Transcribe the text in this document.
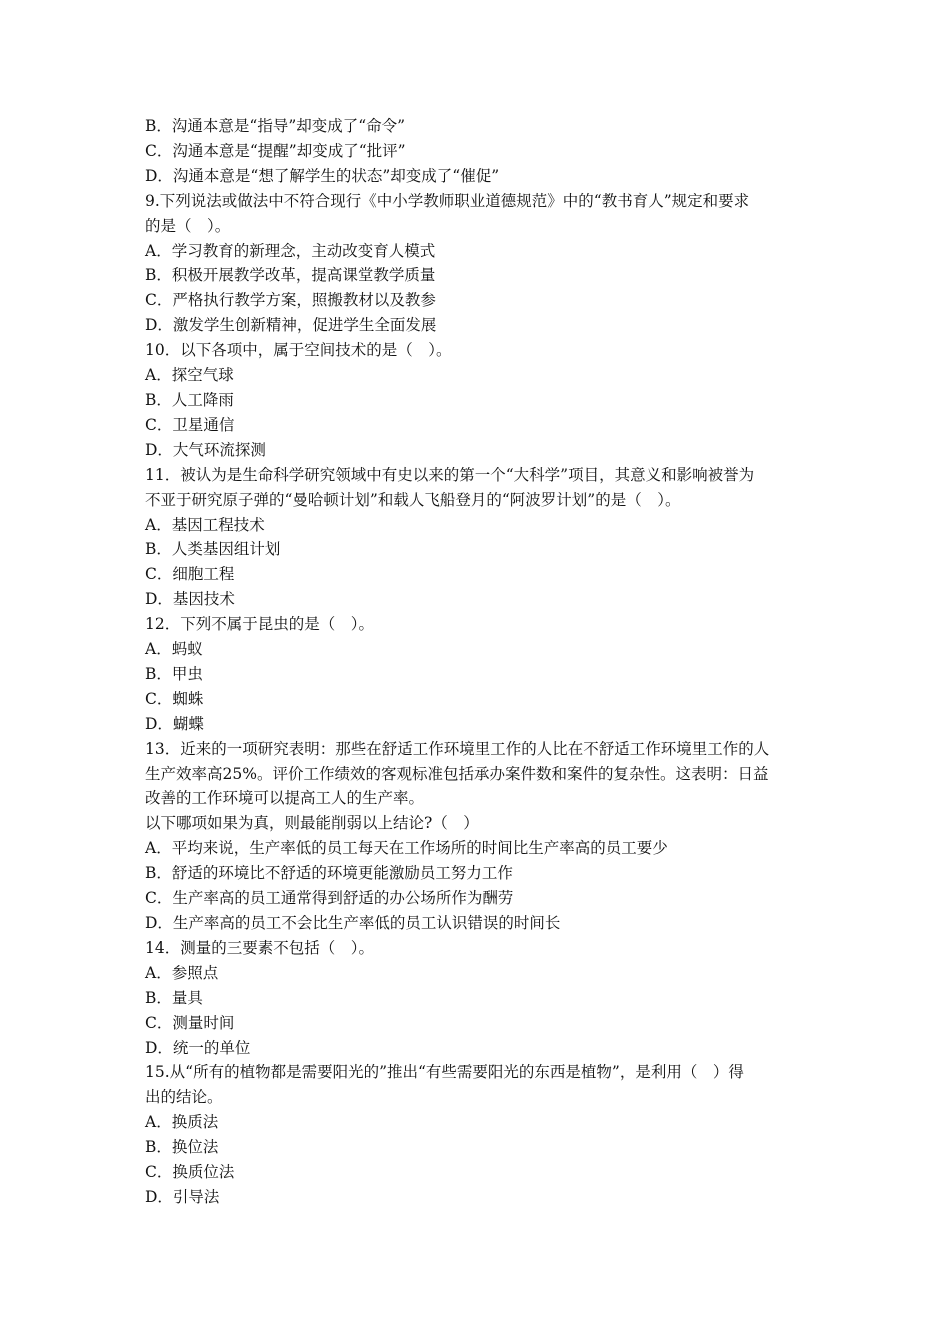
B．沟通本意是“指导”却变成了“命令”

C．沟通本意是“提醒”却变成了“批评”

D．沟通本意是“想了解学生的状态”却变成了“催促”

9.下列说法或做法中不符合现行《中小学教师职业道德规范》中的“教书育人”规定和要求

的是（　）。

A．学习教育的新理念，主动改变育人模式

B．积极开展教学改革，提高课堂教学质量

C．严格执行教学方案，照搬教材以及教参

D．激发学生创新精神，促进学生全面发展

10．以下各项中，属于空间技术的是（　）。

A．探空气球

B．人工降雨

C．卫星通信

D．大气环流探测

11．被认为是生命科学研究领域中有史以来的第一个“大科学”项目，其意义和影响被誉为

不亚于研究原子弹的“曼哈顿计划”和载人飞船登月的“阿波罗计划”的是（　）。

A．基因工程技术

B．人类基因组计划

C．细胞工程

D．基因技术

12．下列不属于昆虫的是（　）。

A．蚂蚁

B．甲虫

C．蜘蛛

D．蝴蝶

13．近来的一项研究表明：那些在舒适工作环境里工作的人比在不舒适工作环境里工作的人

生产效率高25%。评价工作绩效的客观标准包括承办案件数和案件的复杂性。这表明：日益

改善的工作环境可以提高工人的生产率。

以下哪项如果为真，则最能削弱以上结论?（　）

A．平均来说，生产率低的员工每天在工作场所的时间比生产率高的员工要少

B．舒适的环境比不舒适的环境更能激励员工努力工作

C．生产率高的员工通常得到舒适的办公场所作为酬劳

D．生产率高的员工不会比生产率低的员工认识错误的时间长

14．测量的三要素不包括（　）。

A．参照点

B．量具

C．测量时间

D．统一的单位

15.从“所有的植物都是需要阳光的”推出“有些需要阳光的东西是植物”，是利用（　）得

出的结论。

A．换质法

B．换位法

C．换质位法

D．引导法
